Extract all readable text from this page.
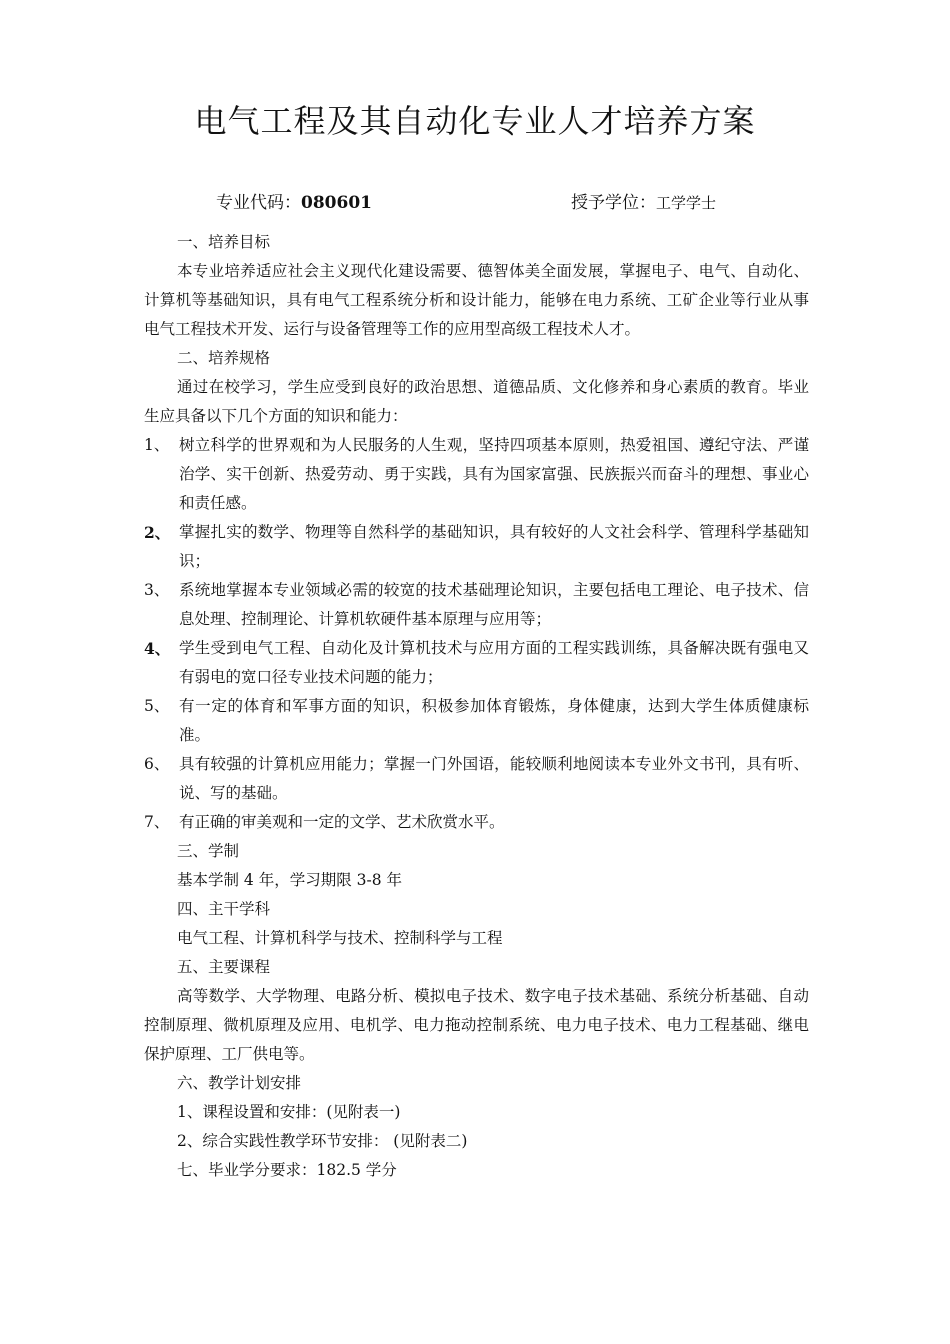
电气工程及其自动化专业人才培养方案
专业代码：080601	授予学位：工学学士

一、培养目标

本专业培养适应社会主义现代化建设需要、德智体美全面发展，掌握电子、电气、自动化、计算机等基础知识，具有电气工程系统分析和设计能力，能够在电力系统、工矿企业等行业从事电气工程技术开发、运行与设备管理等工作的应用型高级工程技术人才。

二、培养规格

通过在校学习，学生应受到良好的政治思想、道德品质、文化修养和身心素质的教育。毕业生应具备以下几个方面的知识和能力：

1、 树立科学的世界观和为人民服务的人生观，坚持四项基本原则，热爱祖国、遵纪守法、严谨治学、实干创新、热爱劳动、勇于实践，具有为国家富强、民族振兴而奋斗的理想、事业心和责任感。
2、 掌握扎实的数学、物理等自然科学的基础知识，具有较好的人文社会科学、管理科学基础知识；
3、 系统地掌握本专业领域必需的较宽的技术基础理论知识，主要包括电工理论、电子技术、信息处理、控制理论、计算机软硬件基本原理与应用等；
4、 学生受到电气工程、自动化及计算机技术与应用方面的工程实践训练，具备解决既有强电又有弱电的宽口径专业技术问题的能力；
5、 有一定的体育和军事方面的知识，积极参加体育锻炼，身体健康，达到大学生体质健康标准。
6、 具有较强的计算机应用能力；掌握一门外国语，能较顺利地阅读本专业外文书刊，具有听、说、写的基础。
7、 有正确的审美观和一定的文学、艺术欣赏水平。

三、学制

基本学制 4 年，学习期限 3-8 年

四、主干学科

电气工程、计算机科学与技术、控制科学与工程

五、主要课程

高等数学、大学物理、电路分析、模拟电子技术、数字电子技术基础、系统分析基础、自动控制原理、微机原理及应用、电机学、电力拖动控制系统、电力电子技术、电力工程基础、继电保护原理、工厂供电等。

六、教学计划安排

1、课程设置和安排：(见附表一)

2、综合实践性教学环节安排： (见附表二)

七、毕业学分要求：182.5 学分
